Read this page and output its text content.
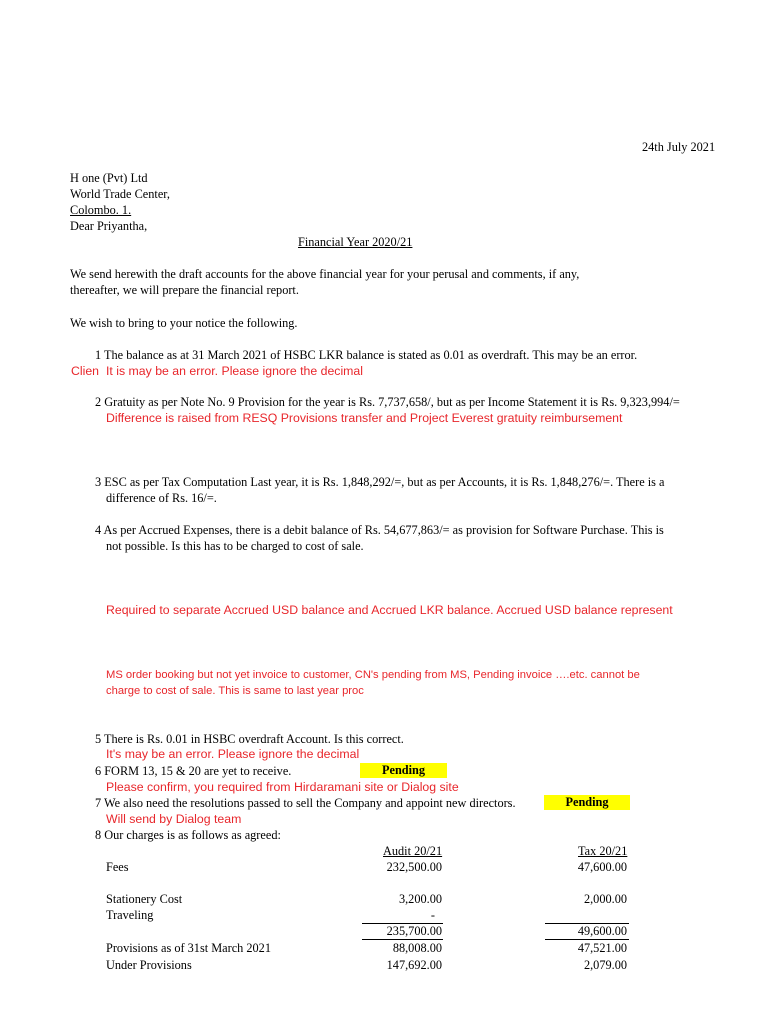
24th July 2021
H one (Pvt) Ltd
World Trade Center,
Colombo. 1.
Dear Priyantha,
Financial Year 2020/21
We send herewith the draft accounts for the above financial year for your perusal and comments, if any,
thereafter, we will prepare the financial report.
We wish to bring to your notice the following.
1 The balance as at 31 March 2021 of HSBC LKR balance is stated as 0.01 as overdraft. This may be an error.
Clien It is may be an error. Please ignore the decimal
2 Gratuity as per Note No. 9 Provision for the year is Rs. 7,737,658/, but as per Income Statement it is Rs. 9,323,994/=
Difference is raised from RESQ Provisions transfer and Project Everest gratuity reimbursement
3 ESC as per Tax Computation Last year, it is Rs. 1,848,292/=, but as per Accounts, it is Rs. 1,848,276/=. There is a
difference of Rs. 16/=.
4 As per Accrued Expenses, there is a debit balance of Rs. 54,677,863/= as provision for Software Purchase. This is
not possible. Is this has to be charged to cost of sale.
Required to separate Accrued USD balance and Accrued LKR balance. Accrued USD balance represent
MS order booking but not yet invoice to customer, CN's pending from MS, Pending invoice ….etc. cannot be
charge to cost of sale. This is same to last year proc
5 There is Rs. 0.01 in HSBC overdraft Account. Is this correct.
It's may be an error. Please ignore the decimal
6 FORM 13, 15 & 20 are yet to receive.	Pending
Please confirm, you required from Hirdaramani site or Dialog site
7 We also need the resolutions passed to sell the Company and appoint new directors.	Pending
Will send by Dialog team
8 Our charges is as follows as agreed:
Audit 20/21	Tax 20/21
Fees	232,500.00	47,600.00
Stationery Cost	3,200.00	2,000.00
Traveling	-
235,700.00	49,600.00
Provisions as of 31st March 2021	88,008.00	47,521.00
Under Provisions	147,692.00	2,079.00
